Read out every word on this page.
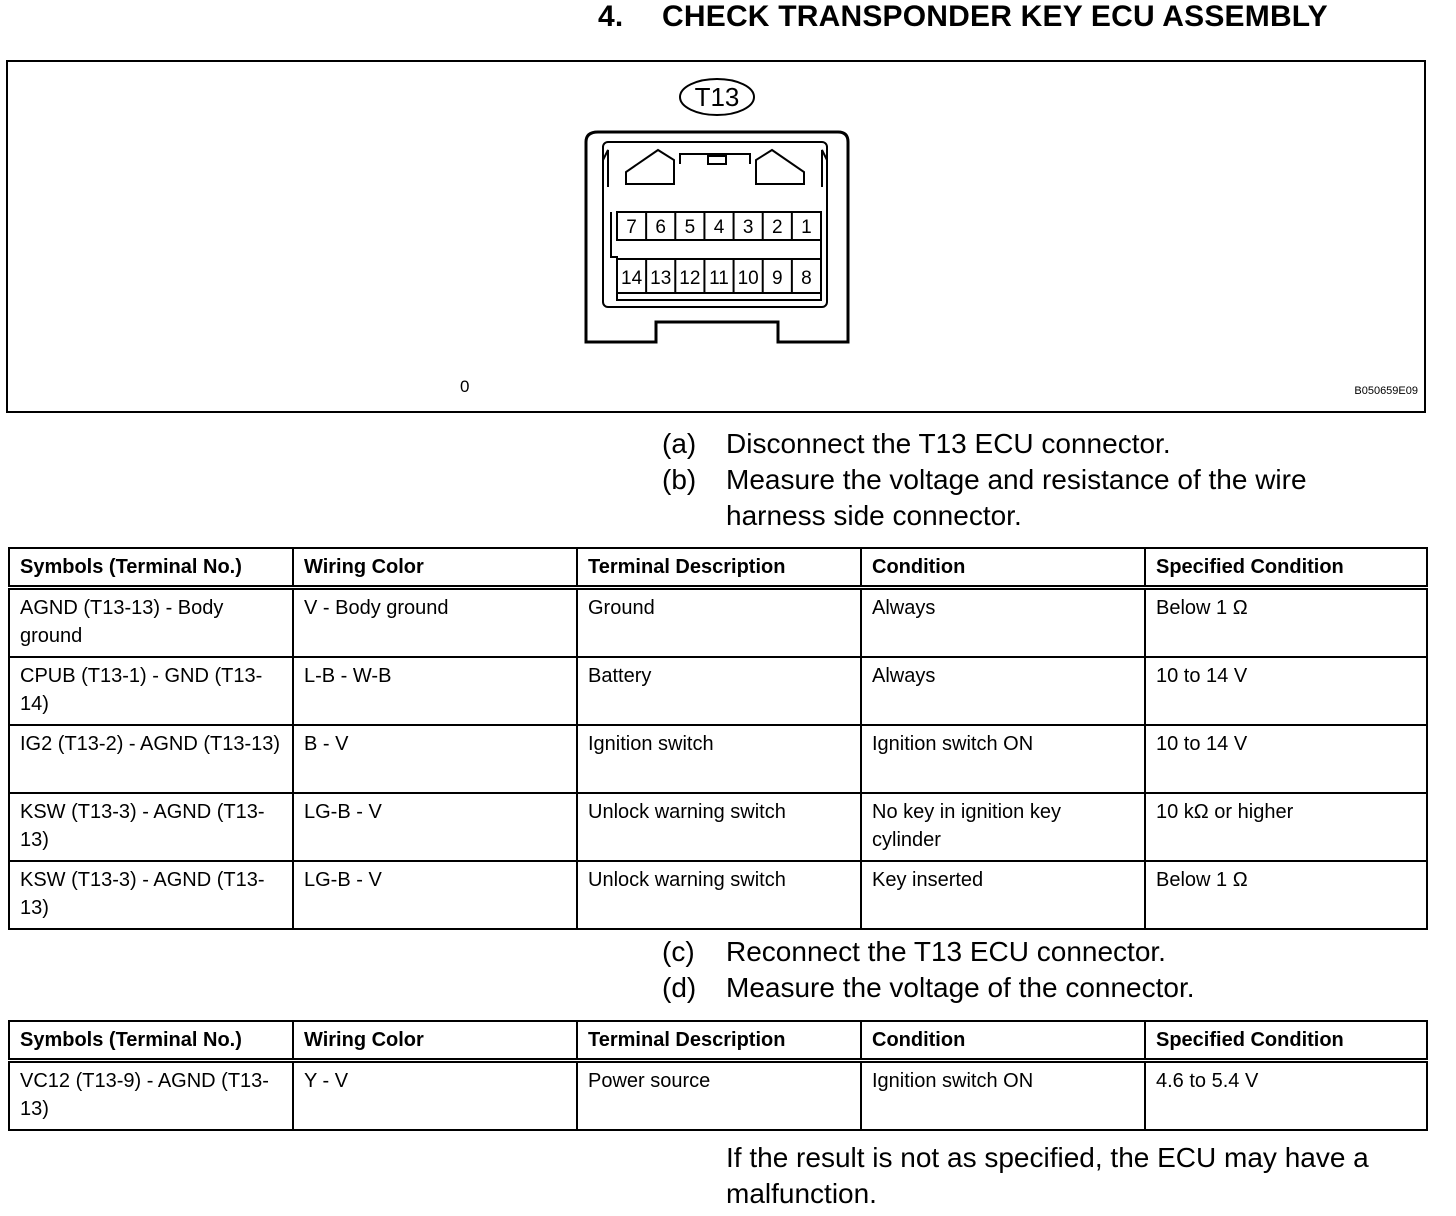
4. CHECK TRANSPONDER KEY ECU ASSEMBLY
7 6 5 4 3 2 1
14 13 12 11 10 9 8
T13
0	B050659E09
(a)	Disconnect the T13 ECU connector.
(b)	Measure the voltage and resistance of the wire harness side connector.
Symbols (Terminal No.)	Wiring Color	Terminal Description	Condition	Specified Condition
AGND (T13-13) - Body ground	V - Body ground	Ground	Always	Below 1 Ω
CPUB (T13-1) - GND (T13-14)	L-B - W-B	Battery	Always	10 to 14 V
IG2 (T13-2) - AGND (T13-13)	B - V	Ignition switch	Ignition switch ON	10 to 14 V
KSW (T13-3) - AGND (T13-13)	LG-B - V	Unlock warning switch	No key in ignition key cylinder	10 kΩ or higher
KSW (T13-3) - AGND (T13-13)	LG-B - V	Unlock warning switch	Key inserted	Below 1 Ω
(c)	Reconnect the T13 ECU connector.
(d)	Measure the voltage of the connector.
Symbols (Terminal No.)	Wiring Color	Terminal Description	Condition	Specified Condition
VC12 (T13-9) - AGND (T13-13)	Y - V	Power source	Ignition switch ON	4.6 to 5.4 V
If the result is not as specified, the ECU may have a malfunction.
